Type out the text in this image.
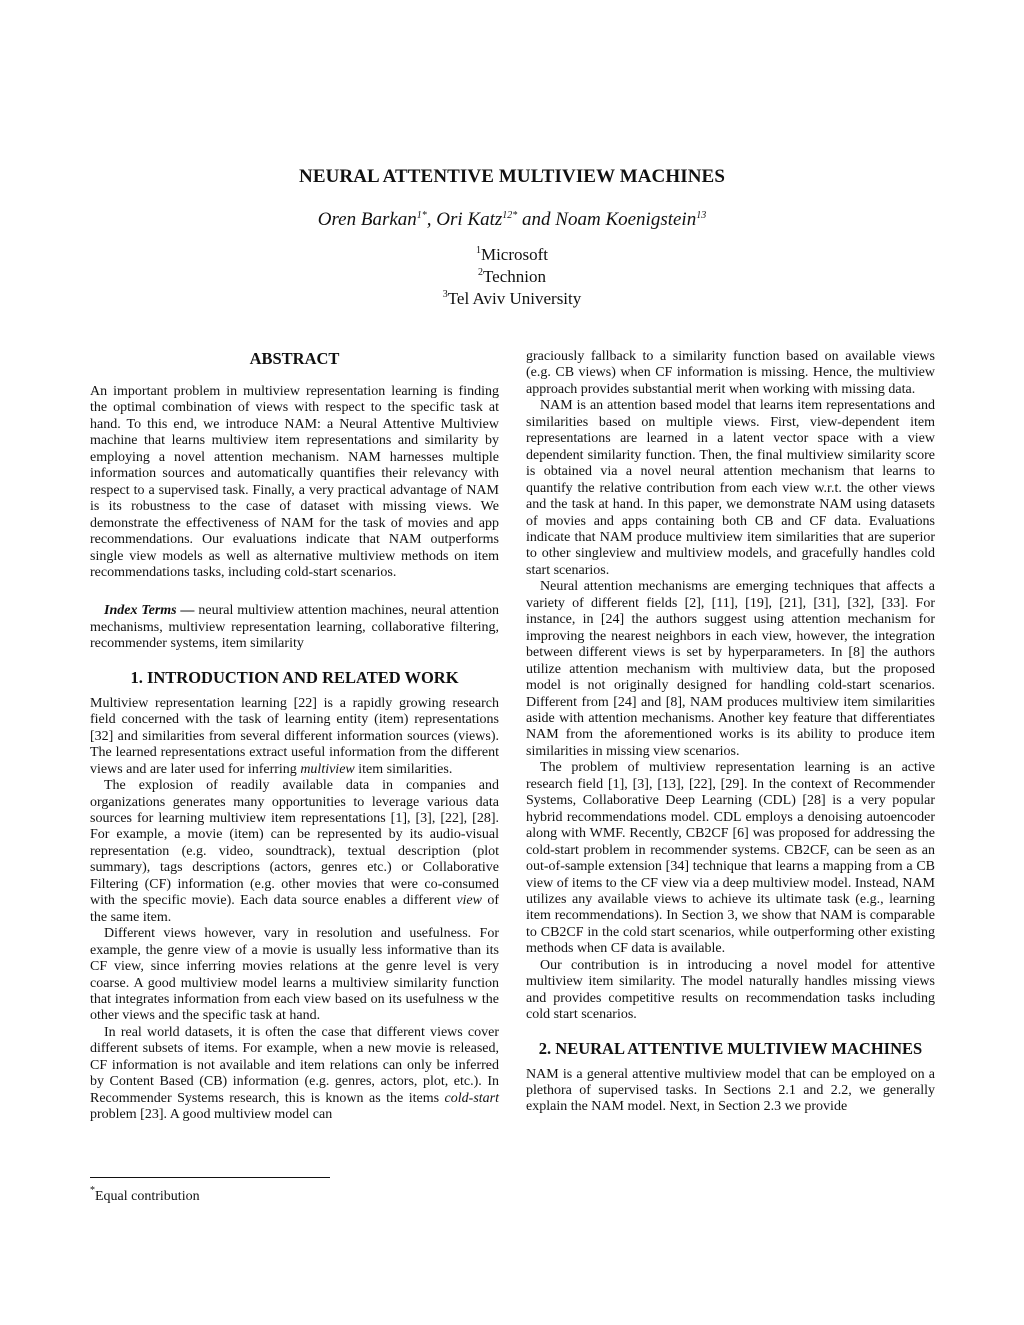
NEURAL ATTENTIVE MULTIVIEW MACHINES
Oren Barkan$^{1*}$, Ori Katz$^{12*}$ and Noam Koenigstein$^{13}$
$^1$Microsoft
$^2$Technion
$^3$Tel Aviv University
ABSTRACT

An important problem in multiview representation learning is finding the optimal combination of views with respect to the specific task at hand. To this end, we introduce NAM: a Neural Attentive Multiview machine that learns multiview item representations and similarity by employing a novel attention mechanism. NAM harnesses multiple information sources and automatically quantifies their relevancy with respect to a supervised task. Finally, a very practical advantage of NAM is its robustness to the case of dataset with missing views. We demonstrate the effectiveness of NAM for the task of movies and app recommendations. Our evaluations indicate that NAM outperforms single view models as well as alternative multiview methods on item recommendations tasks, including cold-start scenarios.

Index Terms — neural multiview attention machines, neural attention mechanisms, multiview representation learning, collaborative filtering, recommender systems, item similarity

1. INTRODUCTION AND RELATED WORK

Multiview representation learning [22] is a rapidly growing research field concerned with the task of learning entity (item) representations [32] and similarities from several different information sources (views). The learned representations extract useful information from the different views and are later used for inferring multiview item similarities.

The explosion of readily available data in companies and organizations generates many opportunities to leverage various data sources for learning multiview item representations [1], [3], [22], [28]. For example, a movie (item) can be represented by its audio-visual representation (e.g. video, soundtrack), textual description (plot summary), tags descriptions (actors, genres etc.) or Collaborative Filtering (CF) information (e.g. other movies that were co-consumed with the specific movie). Each data source enables a different view of the same item.

Different views however, vary in resolution and usefulness. For example, the genre view of a movie is usually less informative than its CF view, since inferring movies relations at the genre level is very coarse. A good multiview model learns a multiview similarity function that integrates information from each view based on its usefulness w the other views and the specific task at hand.

In real world datasets, it is often the case that different views cover different subsets of items. For example, when a new movie is released, CF information is not available and item relations can only be inferred by Content Based (CB) information (e.g. genres, actors, plot, etc.). In Recommender Systems research, this is known as the items cold-start problem [23]. A good multiview model can

graciously fallback to a similarity function based on available views (e.g. CB views) when CF information is missing. Hence, the multiview approach provides substantial merit when working with missing data.

NAM is an attention based model that learns item representations and similarities based on multiple views. First, view-dependent item representations are learned in a latent vector space with a view dependent similarity function. Then, the final multiview similarity score is obtained via a novel neural attention mechanism that learns to quantify the relative contribution from each view w.r.t. the other views and the task at hand. In this paper, we demonstrate NAM using datasets of movies and apps containing both CB and CF data. Evaluations indicate that NAM produce multiview item similarities that are superior to other singleview and multiview models, and gracefully handles cold start scenarios.

Neural attention mechanisms are emerging techniques that affects a variety of different fields [2], [11], [19], [21], [31], [32], [33]. For instance, in [24] the authors suggest using attention mechanism for improving the nearest neighbors in each view, however, the integration between different views is set by hyperparameters. In [8] the authors utilize attention mechanism with multiview data, but the proposed model is not originally designed for handling cold-start scenarios. Different from [24] and [8], NAM produces multiview item similarities aside with attention mechanisms. Another key feature that differentiates NAM from the aforementioned works is its ability to produce item similarities in missing view scenarios.

The problem of multiview representation learning is an active research field [1], [3], [13], [22], [29]. In the context of Recommender Systems, Collaborative Deep Learning (CDL) [28] is a very popular hybrid recommendations model. CDL employs a denoising autoencoder along with WMF. Recently, CB2CF [6] was proposed for addressing the cold-start problem in recommender systems. CB2CF, can be seen as an out-of-sample extension [34] technique that learns a mapping from a CB view of items to the CF view via a deep multiview model. Instead, NAM utilizes any available views to achieve its ultimate task (e.g., learning item recommendations). In Section 3, we show that NAM is comparable to CB2CF in the cold start scenarios, while outperforming other existing methods when CF data is available.

Our contribution is in introducing a novel model for attentive multiview item similarity. The model naturally handles missing views and provides competitive results on recommendation tasks including cold start scenarios.

2. NEURAL ATTENTIVE MULTIVIEW MACHINES

NAM is a general attentive multiview model that can be employed on a plethora of supervised tasks. In Sections 2.1 and 2.2, we generally explain the NAM model. Next, in Section 2.3 we provide

*Equal contribution
